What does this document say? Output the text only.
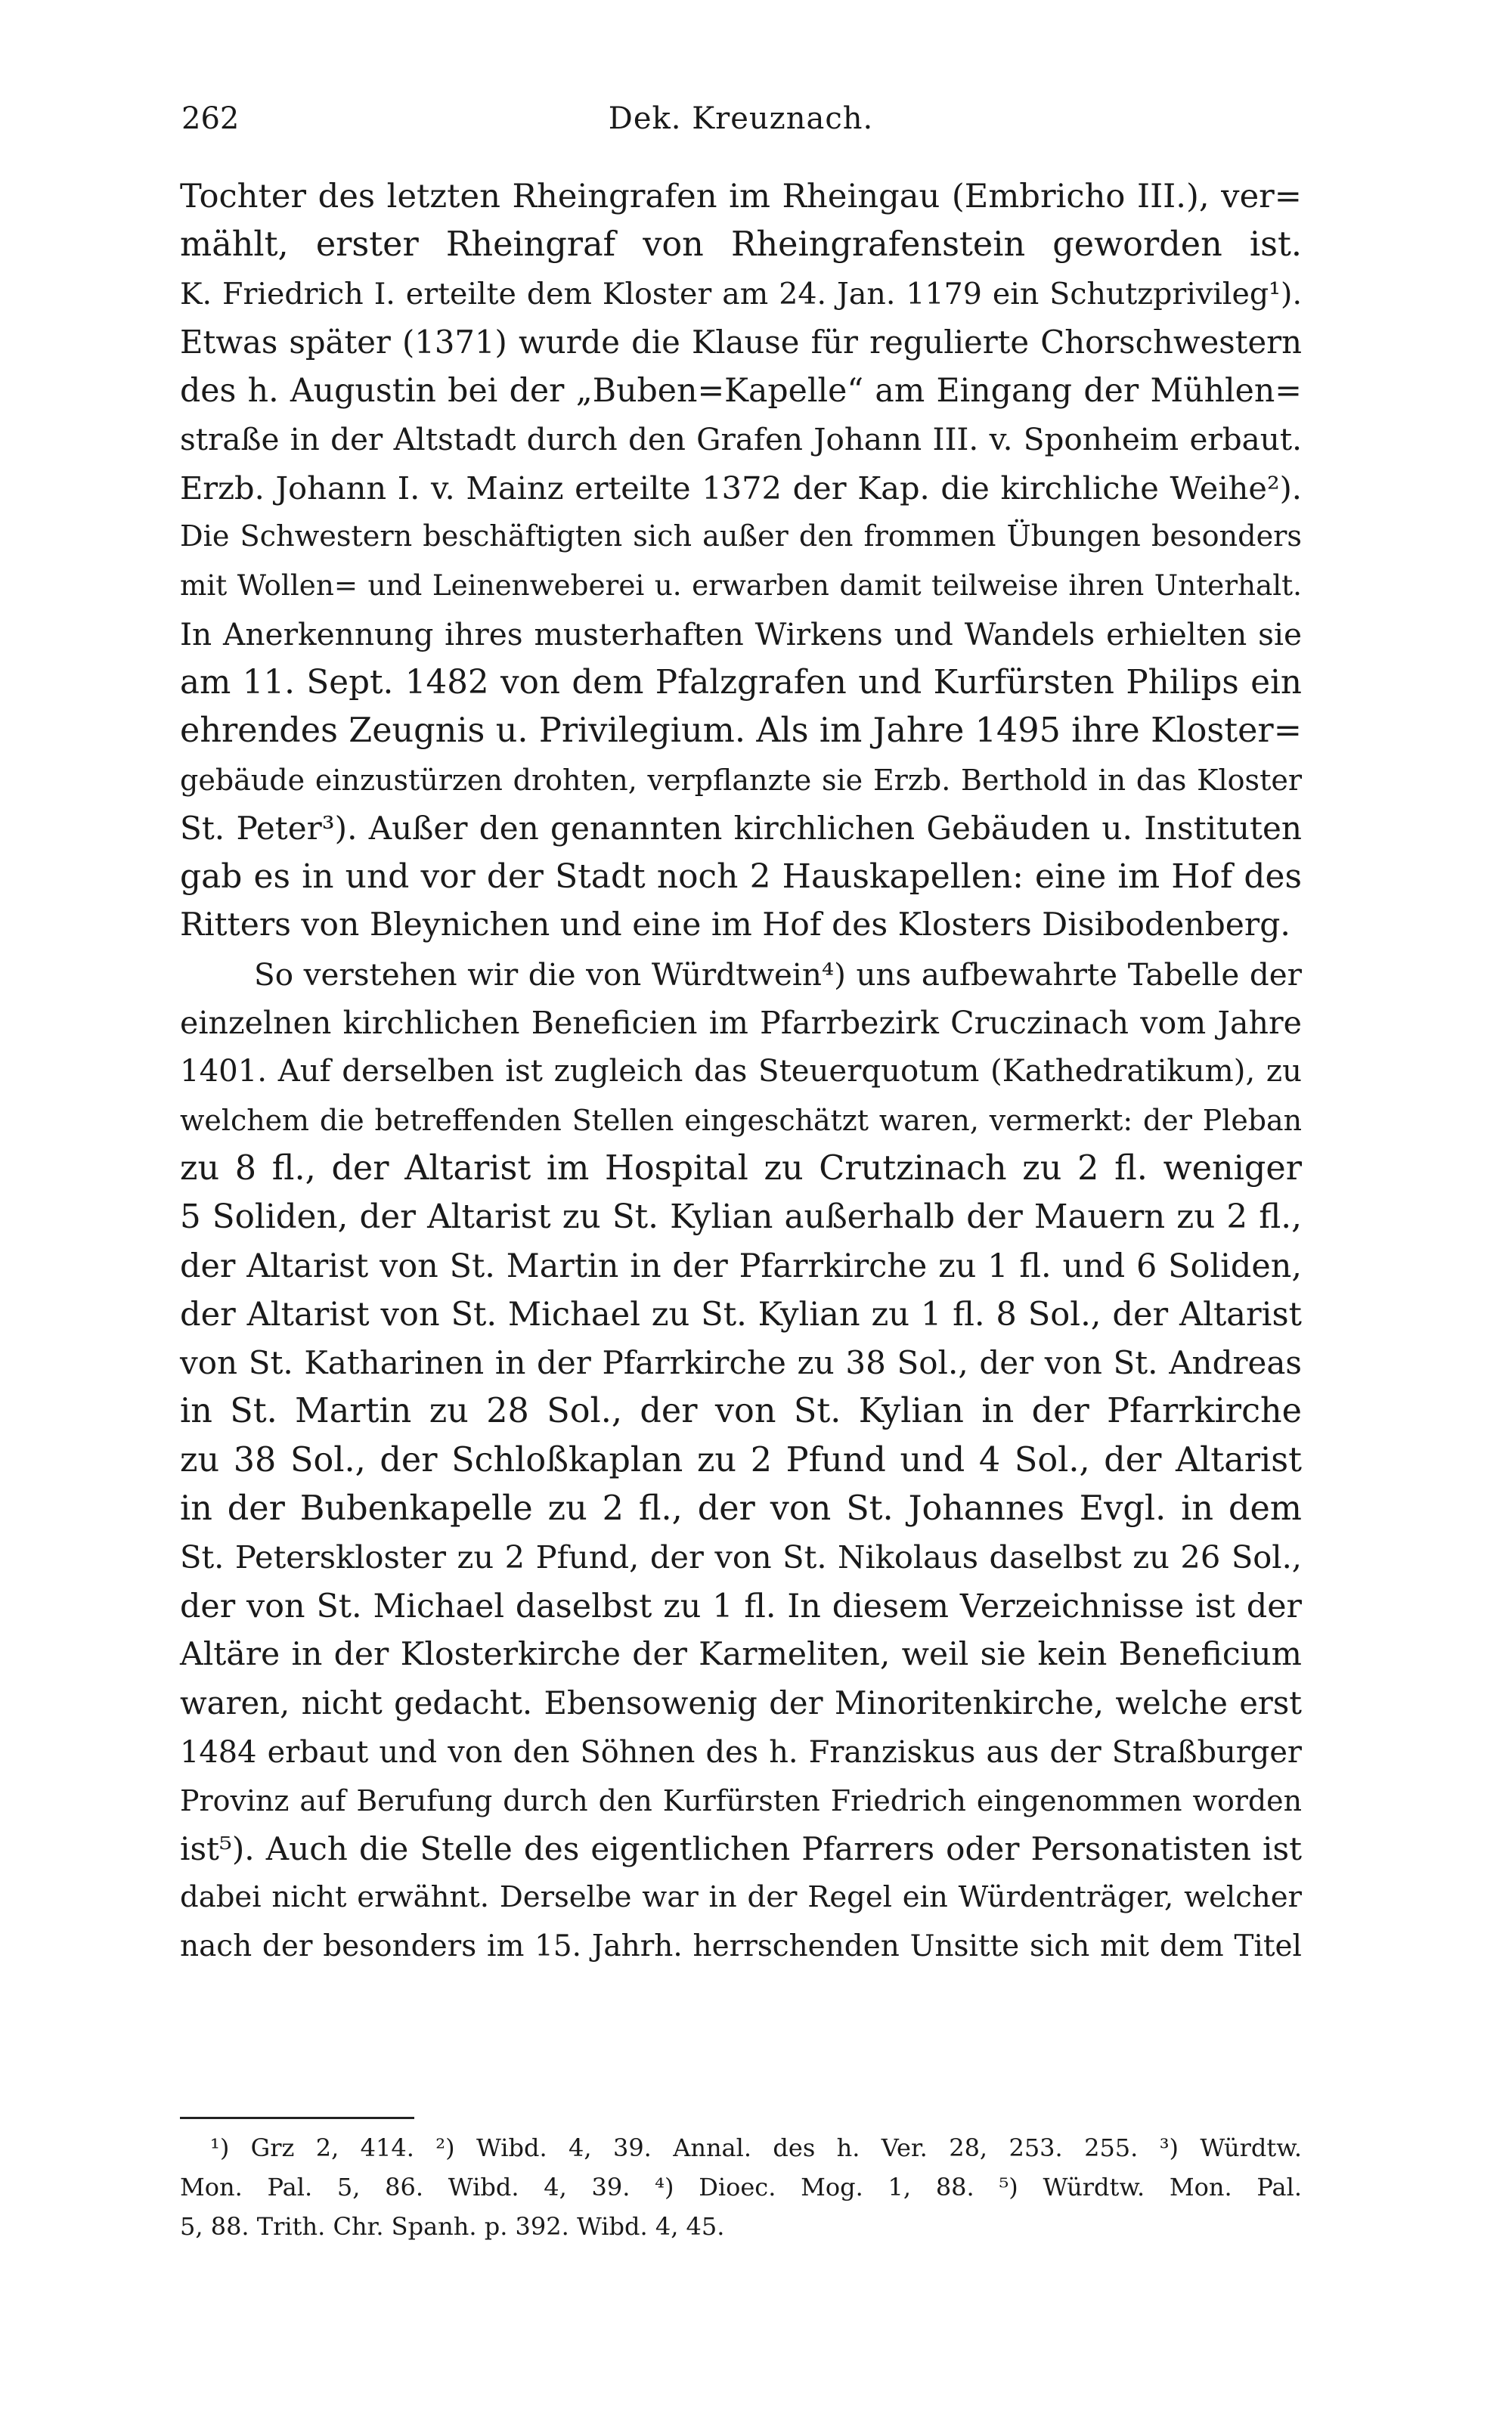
262	Dek. Kreuznach.
Tochter des letzten Rheingrafen im Rheingau (Embricho III.), ver=
mählt, erster Rheingraf von Rheingrafenstein geworden ist.
K. Friedrich I. erteilte dem Kloster am 24. Jan. 1179 ein Schutzprivileg¹).
Etwas später (1371) wurde die Klause für regulierte Chorschwestern
des h. Augustin bei der „Buben=Kapelle“ am Eingang der Mühlen=
straße in der Altstadt durch den Grafen Johann III. v. Sponheim erbaut.
Erzb. Johann I. v. Mainz erteilte 1372 der Kap. die kirchliche Weihe²).
Die Schwestern beschäftigten sich außer den frommen Übungen besonders
mit Wollen= und Leinenweberei u. erwarben damit teilweise ihren Unterhalt.
In Anerkennung ihres musterhaften Wirkens und Wandels erhielten sie
am 11. Sept. 1482 von dem Pfalzgrafen und Kurfürsten Philips ein
ehrendes Zeugnis u. Privilegium. Als im Jahre 1495 ihre Kloster=
gebäude einzustürzen drohten, verpflanzte sie Erzb. Berthold in das Kloster
St. Peter³). Außer den genannten kirchlichen Gebäuden u. Instituten
gab es in und vor der Stadt noch 2 Hauskapellen: eine im Hof des
Ritters von Bleynichen und eine im Hof des Klosters Disibodenberg.
So verstehen wir die von Würdtwein⁴) uns aufbewahrte Tabelle der
einzelnen kirchlichen Beneficien im Pfarrbezirk Cruczinach vom Jahre
1401. Auf derselben ist zugleich das Steuerquotum (Kathedratikum), zu
welchem die betreffenden Stellen eingeschätzt waren, vermerkt: der Pleban
zu 8 fl., der Altarist im Hospital zu Crutzinach zu 2 fl. weniger
5 Soliden, der Altarist zu St. Kylian außerhalb der Mauern zu 2 fl.,
der Altarist von St. Martin in der Pfarrkirche zu 1 fl. und 6 Soliden,
der Altarist von St. Michael zu St. Kylian zu 1 fl. 8 Sol., der Altarist
von St. Katharinen in der Pfarrkirche zu 38 Sol., der von St. Andreas
in St. Martin zu 28 Sol., der von St. Kylian in der Pfarrkirche
zu 38 Sol., der Schloßkaplan zu 2 Pfund und 4 Sol., der Altarist
in der Bubenkapelle zu 2 fl., der von St. Johannes Evgl. in dem
St. Petersklo​ster zu 2 Pfund, der von St. Nikolaus daselbst zu 26 Sol.,
der von St. Michael daselbst zu 1 fl. In diesem Verzeichnisse ist der
Altäre in der Klosterkirche der Karmeliten, weil sie kein Beneficium
waren, nicht gedacht. Ebensowenig der Minoritenkirche, welche erst
1484 erbaut und von den Söhnen des h. Franziskus aus der Straßburger
Provinz auf Berufung durch den Kurfürsten Friedrich eingenommen worden
ist⁵). Auch die Stelle des eigentlichen Pfarrers oder Personatisten ist
dabei nicht erwähnt. Derselbe war in der Regel ein Würdenträger, welcher
nach der besonders im 15. Jahrh. herrschenden Unsitte sich mit dem Titel
¹) Grz 2, 414. ²) Wibd. 4, 39. Annal. des h. Ver. 28, 253. 255. ³) Würdtw.
Mon. Pal. 5, 86. Wibd. 4, 39. ⁴) Dioec. Mog. 1, 88. ⁵) Würdtw. Mon. Pal.
5, 88. Trith. Chr. Spanh. p. 392. Wibd. 4, 45.
